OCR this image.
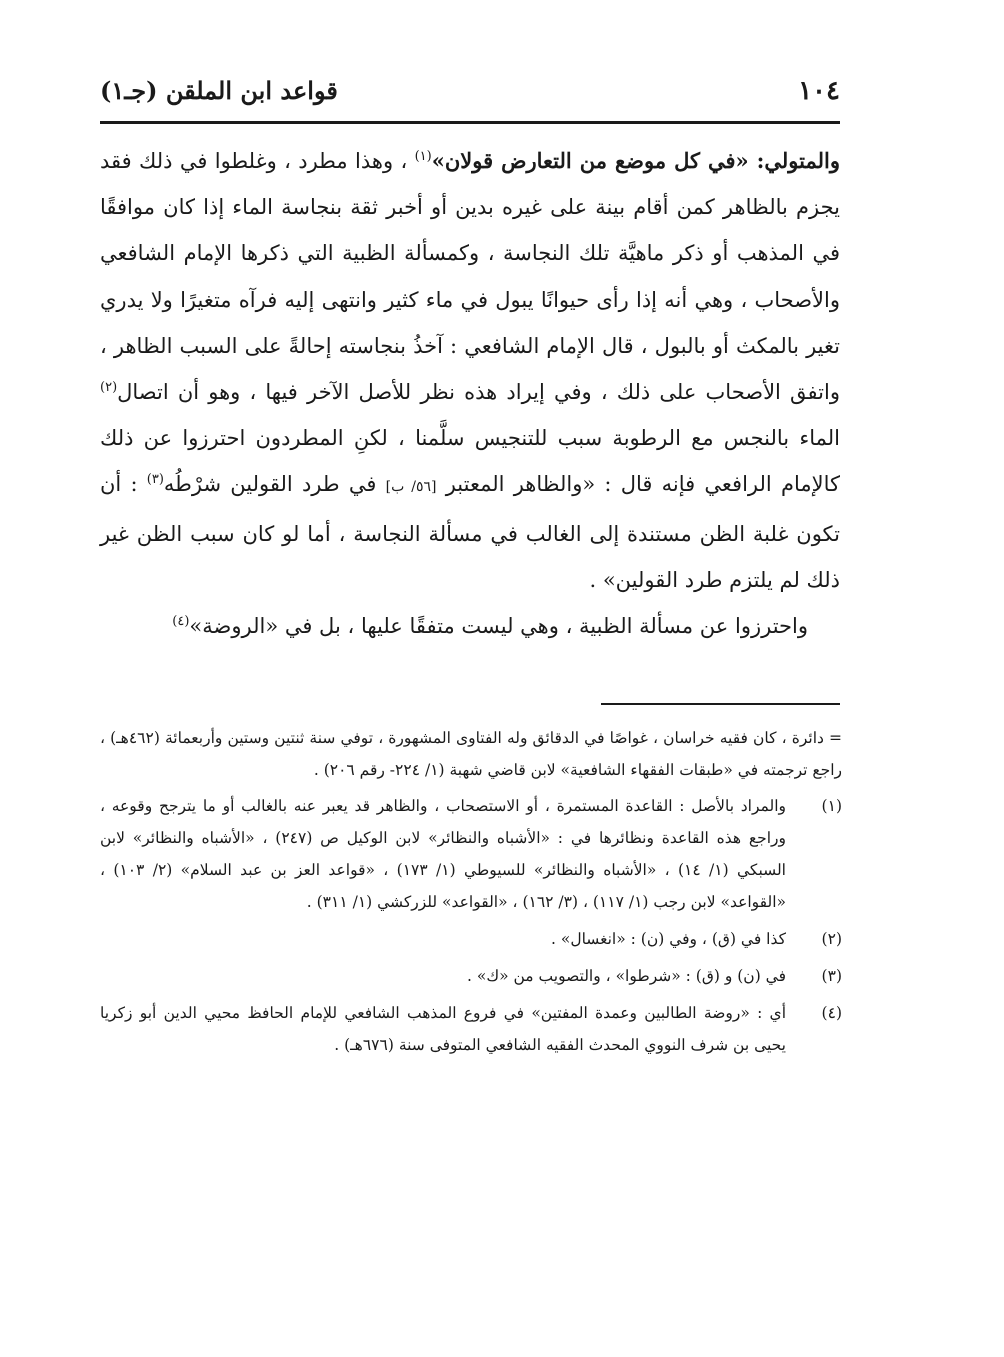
١٠٤
قواعد ابن الملقن (جـ١)

والمتولي: «في كل موضع من التعارض قولان»$^{(١)}$ ، وهذا مطرد ، وغلطوا في ذلك فقد يجزم بالظاهر كمن أقام بينة على غيره بدين أو أخبر ثقة بنجاسة الماء إذا كان موافقًا في المذهب أو ذكر ماهيَّة تلك النجاسة ، وكمسألة الظبية التي ذكرها الإمام الشافعي والأصحاب ، وهي أنه إذا رأى حيوانًا يبول في ماء كثير وانتهى إليه فرآه متغيرًا ولا يدري تغير بالمكث أو بالبول ، قال الإمام الشافعي : آخذُ بنجاسته إحالةً على السبب الظاهر ، واتفق الأصحاب على ذلك ، وفي إيراد هذه نظر للأصل الآخر فيها ، وهو أن اتصال$^{(٢)}$ الماء بالنجس مع الرطوبة سبب للتنجيس سلَّمنا ، لكنِ المطردون احترزوا عن ذلك كالإمام الرافعي فإنه قال : «والظاهر المعتبر [٥٦/ ب] في طرد القولين شرْطُه$^{(٣)}$ : أن تكون غلبة الظن مستندة إلى الغالب في مسألة النجاسة ، أما لو كان سبب الظن غير ذلك لم يلتزم طرد القولين» .

واحترزوا عن مسألة الظبية ، وهي ليست متفقًا عليها ، بل في «الروضة»$^{(٤)}$

= دائرة ، كان فقيه خراسان ، غواصًا في الدقائق وله الفتاوى المشهورة ، توفي سنة ثنتين وستين وأربعمائة (٤٦٢هـ) ، راجع ترجمته في «طبقات الفقهاء الشافعية» لابن قاضي شهبة (١/ ٢٢٤- رقم ٢٠٦) .

(١)
والمراد بالأصل : القاعدة المستمرة ، أو الاستصحاب ، والظاهر قد يعبر عنه بالغالب أو ما يترجح وقوعه ، وراجع هذه القاعدة ونظائرها في : «الأشباه والنظائر» لابن الوكيل ص (٢٤٧) ، «الأشباه والنظائر» لابن السبكي (١/ ١٤) ، «الأشباه والنظائر» للسيوطي (١/ ١٧٣) ، «قواعد العز بن عبد السلام» (٢/ ١٠٣) ، «القواعد» لابن رجب (١/ ١١٧) ، (٣/ ١٦٢) ، «القواعد» للزركشي (١/ ٣١١) .
(٢)
كذا في (ق) ، وفي (ن) : «انغسال» .
(٣)
في (ن) و (ق) : «شرطوا» ، والتصويب من «ك» .
(٤)
أي : «روضة الطالبين وعمدة المفتين» في فروع المذهب الشافعي للإمام الحافظ محيي الدين أبو زكريا يحيى بن شرف النووي المحدث الفقيه الشافعي المتوفى سنة (٦٧٦هـ) .
